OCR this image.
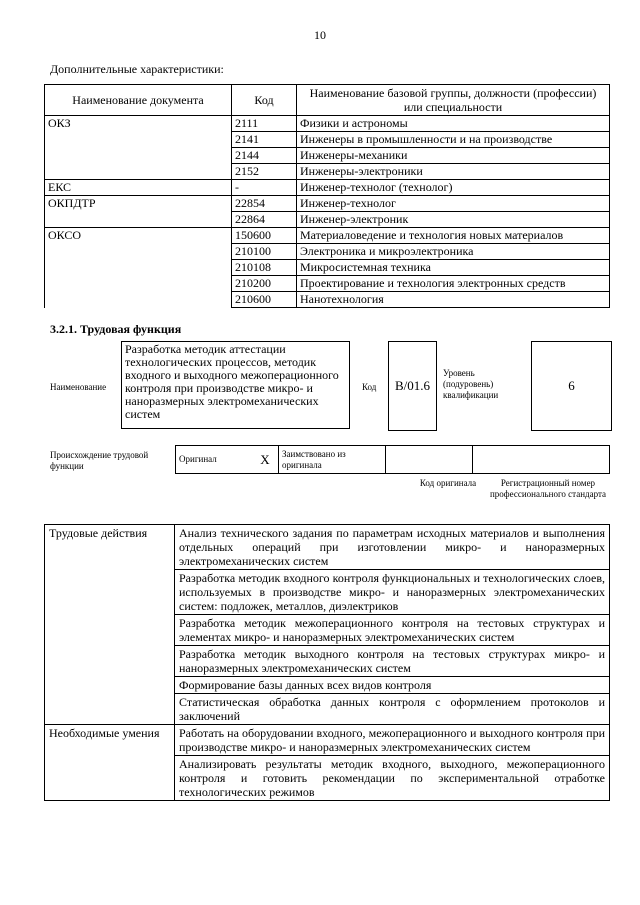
10
Дополнительные характеристики:
Наименование документа	Код	Наименование базовой группы, должности (профессии) или специальности
ОКЗ	2111	Физики и астрономы
	2141	Инженеры в промышленности и на производстве
	2144	Инженеры-механики
	2152	Инженеры-электроники
ЕКС	-	Инженер-технолог (технолог)
ОКПДТР	22854	Инженер-технолог
	22864	Инженер-электроник
ОКСО	150600	Материаловедение и технология новых материалов
	210100	Электроника и микроэлектроника
	210108	Микросистемная техника
	210200	Проектирование и технология электронных средств
	210600	Нанотехнология
3.2.1. Трудовая функция
Наименование
Разработка методик аттестации технологических процессов, методик входного и выходного межоперационного контроля при производстве микро- и наноразмерных электромеханических систем
Код	B/01.6
Уровень (подуровень) квалификации
6
Происхождение трудовой функции
Оригинал	X	Заимствовано из оригинала		
Код оригинала	Регистрационный номер профессионального стандарта
Трудовые действия	Анализ технического задания по параметрам исходных материалов и выполнения отдельных операций при изготовлении микро- и наноразмерных электромеханических систем
	Разработка методик входного контроля функциональных и технологических слоев, используемых в производстве микро- и наноразмерных электромеханических систем: подложек, металлов, диэлектриков
	Разработка методик межоперационного контроля на тестовых структурах и элементах микро- и наноразмерных электромеханических систем
	Разработка методик выходного контроля на тестовых структурах микро- и наноразмерных электромеханических систем
	Формирование базы данных всех видов контроля
	Статистическая обработка данных контроля с оформлением протоколов и заключений
Необходимые умения	Работать на оборудовании входного, межоперационного и выходного контроля при производстве микро- и наноразмерных электромеханических систем
	Анализировать результаты методик входного, выходного, межоперационного контроля и готовить рекомендации по экспериментальной отработке технологических режимов
